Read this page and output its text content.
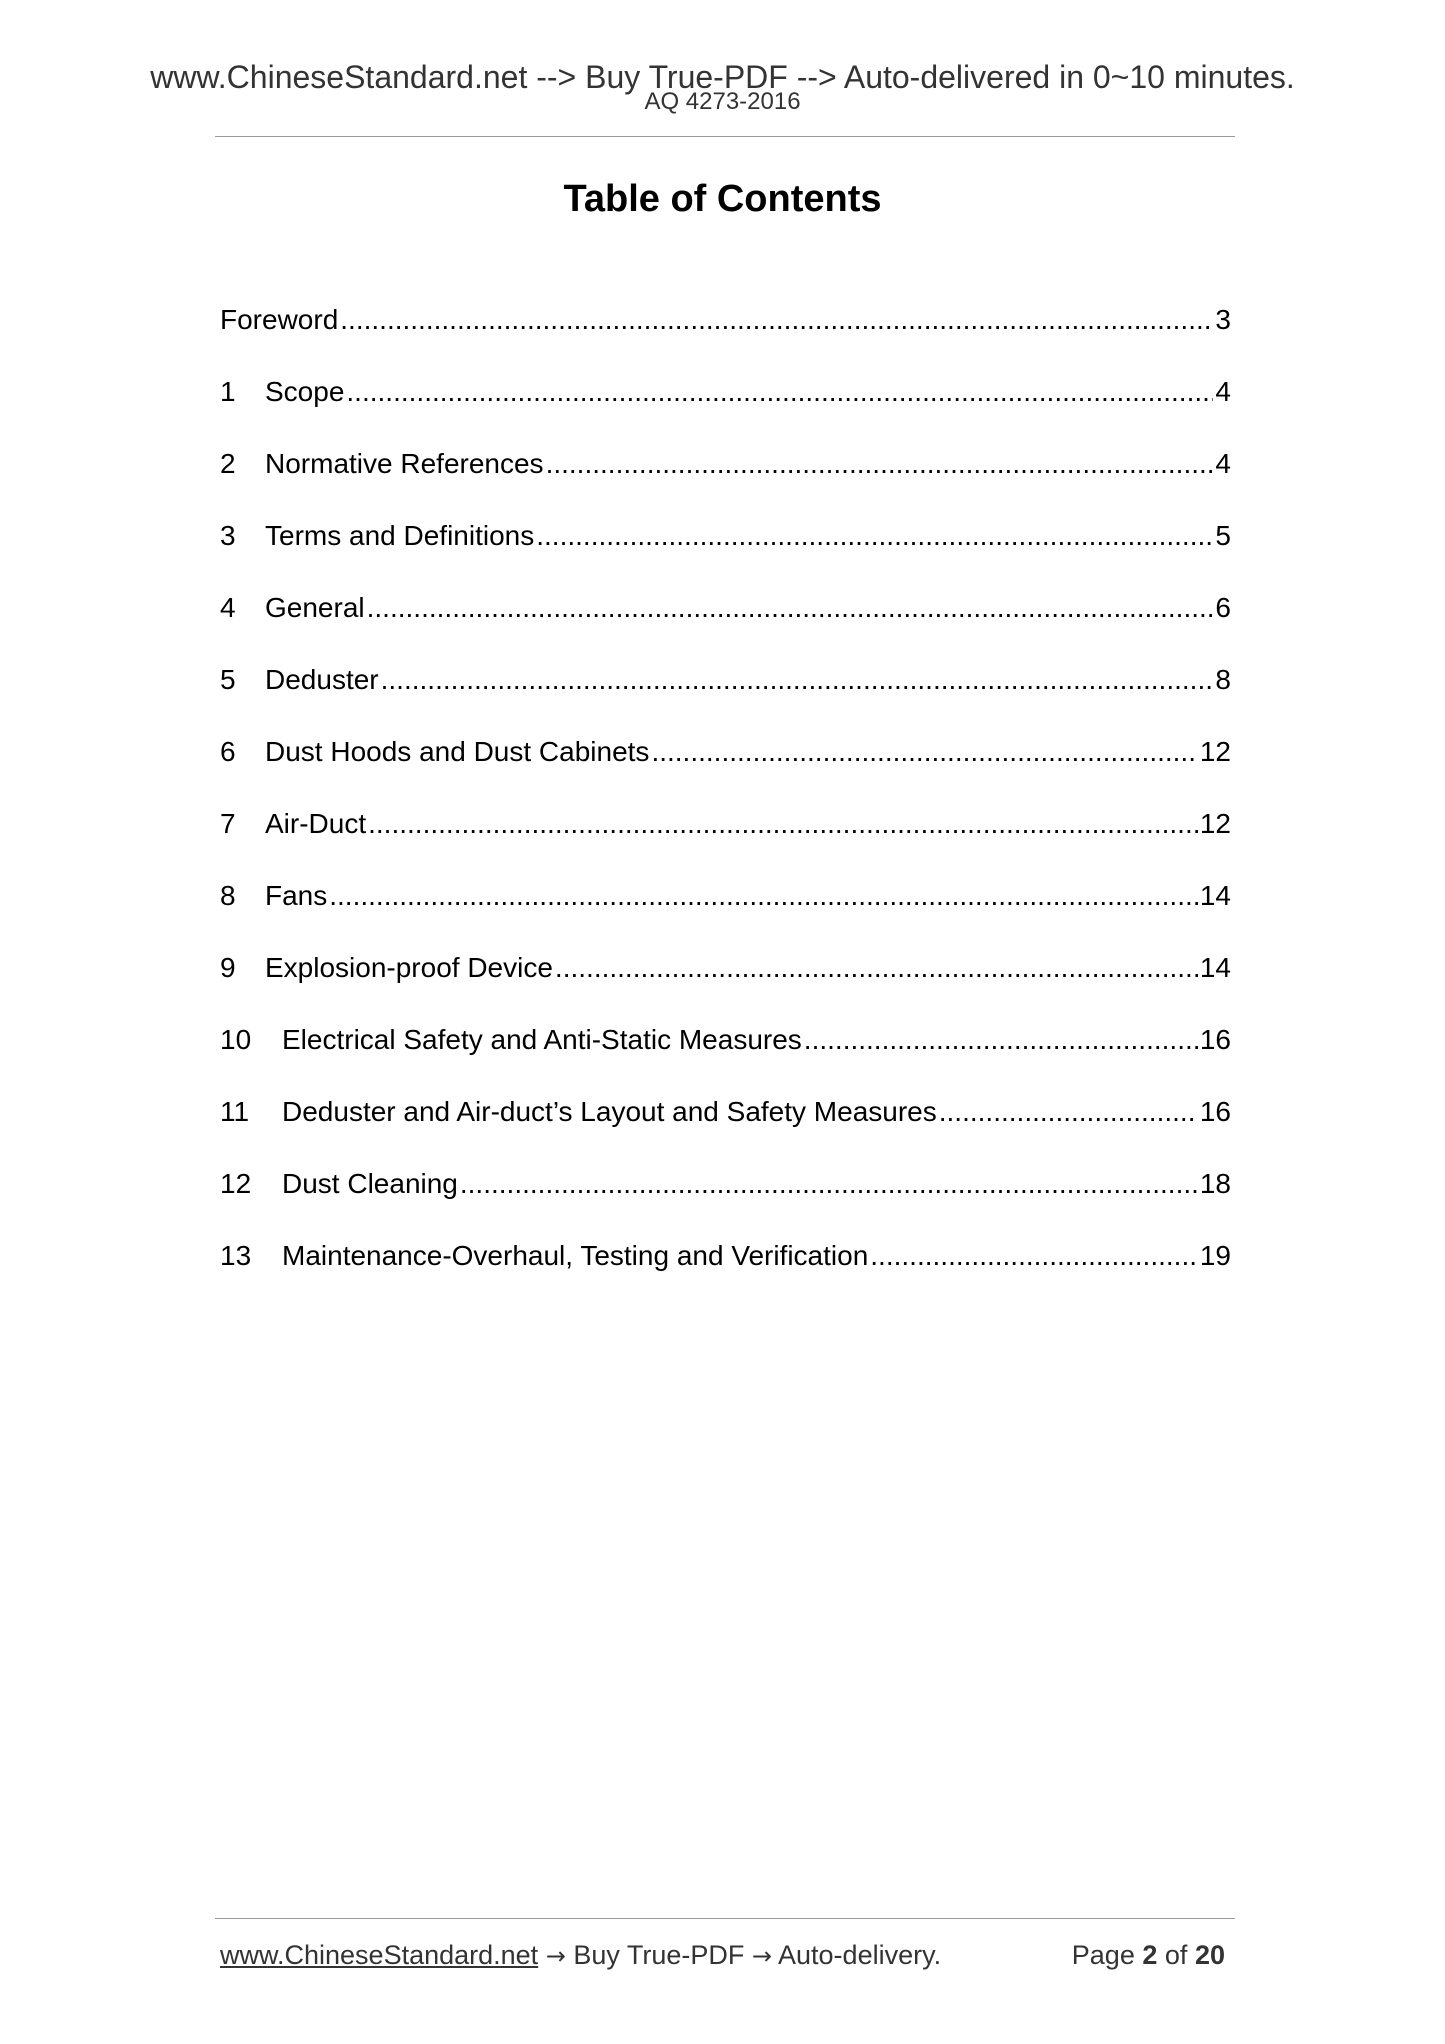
www.ChineseStandard.net --> Buy True-PDF --> Auto-delivered in 0~10 minutes.
AQ 4273-2016
Table of Contents
Foreword .....	3
1	Scope .....	4
2	Normative References .....	4
3	Terms and Definitions .....	5
4	General .....	6
5	Deduster .....	8
6	Dust Hoods and Dust Cabinets .....	12
7	Air-Duct .....	12
8	Fans .....	14
9	Explosion-proof Device .....	14
10	Electrical Safety and Anti-Static Measures .....	16
11	Deduster and Air-duct’s Layout and Safety Measures .....	16
12	Dust Cleaning .....	18
13	Maintenance-Overhaul, Testing and Verification .....	19
www.ChineseStandard.net → Buy True-PDF → Auto-delivery.	Page 2 of 20
